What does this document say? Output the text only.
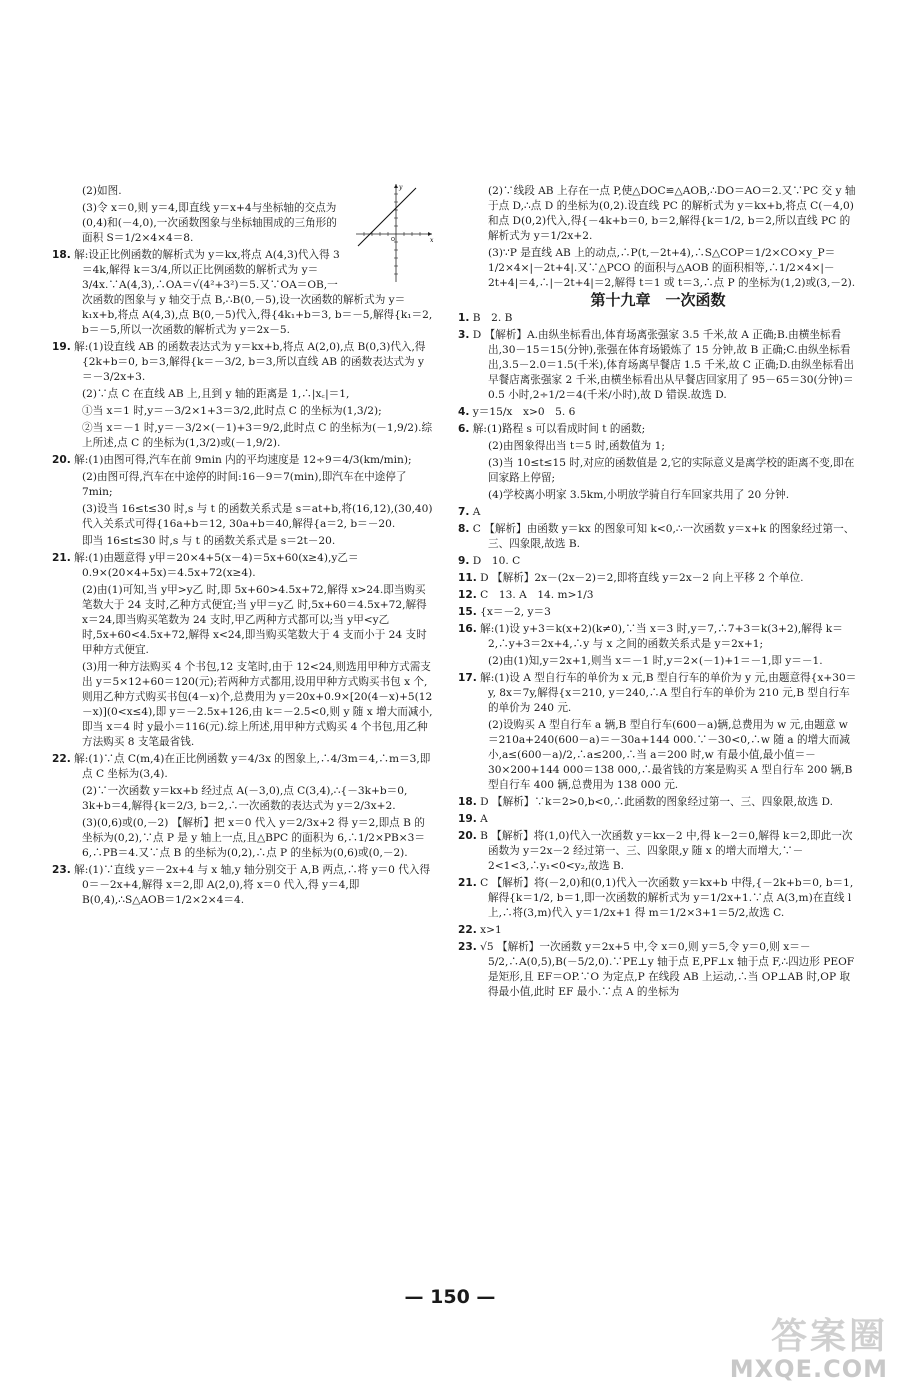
x
y
O
(2)如图.
(3)令 x＝0,则 y＝4,即直线 y＝x+4与坐标轴的交点为(0,4)和(－4,0),一次函数图象与坐标轴围成的三角形的面积 S＝1/2×4×4＝8.
18. 解:设正比例函数的解析式为 y＝kx,将点 A(4,3)代入得 3＝4k,解得 k＝3/4,所以正比例函数的解析式为 y＝3/4x.∵A(4,3),∴OA＝√(4²+3²)＝5.又∵OA＝OB,一次函数的图象与 y 轴交于点 B,∴B(0,－5),设一次函数的解析式为 y＝k₁x+b,将点 A(4,3),点 B(0,－5)代入,得{4k₁+b＝3, b＝－5,解得{k₁＝2, b＝－5,所以一次函数的解析式为 y＝2x－5.
19. 解:(1)设直线 AB 的函数表达式为 y＝kx+b,将点 A(2,0),点 B(0,3)代入,得{2k+b＝0, b＝3,解得{k＝－3/2, b＝3,所以直线 AB 的函数表达式为 y＝－3/2x+3.
(2)∵点 C 在直线 AB 上,且到 y 轴的距离是 1,∴|x꜀|＝1,
①当 x＝1 时,y＝－3/2×1+3＝3/2,此时点 C 的坐标为(1,3/2);
②当 x＝－1 时,y＝－3/2×(－1)+3＝9/2,此时点 C 的坐标为(－1,9/2).综上所述,点 C 的坐标为(1,3/2)或(－1,9/2).
20. 解:(1)由图可得,汽车在前 9min 内的平均速度是 12÷9＝4/3(km/min);
(2)由图可得,汽车在中途停的时间:16－9＝7(min),即汽车在中途停了 7min;
(3)设当 16≤t≤30 时,s 与 t 的函数关系式是 s＝at+b,将(16,12),(30,40)代入关系式可得{16a+b＝12, 30a+b＝40,解得{a＝2, b＝－20.
即当 16≤t≤30 时,s 与 t 的函数关系式是 s＝2t－20.
21. 解:(1)由题意得 y甲＝20×4+5(x－4)＝5x+60(x≥4),y乙＝0.9×(20×4+5x)＝4.5x+72(x≥4).
(2)由(1)可知,当 y甲>y乙 时,即 5x+60>4.5x+72,解得 x>24.即当购买笔数大于 24 支时,乙种方式便宜;当 y甲＝y乙 时,5x+60＝4.5x+72,解得 x＝24,即当购买笔数为 24 支时,甲乙两种方式都可以;当 y甲<y乙 时,5x+60<4.5x+72,解得 x<24,即当购买笔数大于 4 支而小于 24 支时甲种方式便宜.
(3)用一种方法购买 4 个书包,12 支笔时,由于 12<24,则选用甲种方式需支出 y＝5×12+60＝120(元);若两种方式都用,设用甲种方式购买书包 x 个,则用乙种方式购买书包(4－x)个,总费用为 y＝20x+0.9×[20(4－x)+5(12－x)](0<x≤4),即 y＝－2.5x+126,由 k＝－2.5<0,则 y 随 x 增大而减小,即当 x＝4 时 y最小＝116(元).综上所述,用甲种方式购买 4 个书包,用乙种方法购买 8 支笔最省钱.
22. 解:(1)∵点 C(m,4)在正比例函数 y＝4/3x 的图象上,∴4/3m＝4,∴m＝3,即点 C 坐标为(3,4).
(2)∵一次函数 y＝kx+b 经过点 A(－3,0),点 C(3,4),∴{－3k+b＝0, 3k+b＝4,解得{k＝2/3, b＝2,∴一次函数的表达式为 y＝2/3x+2.
(3)(0,6)或(0,－2) 【解析】把 x＝0 代入 y＝2/3x+2 得 y＝2,即点 B 的坐标为(0,2),∵点 P 是 y 轴上一点,且△BPC 的面积为 6,∴1/2×PB×3＝6,∴PB＝4.又∵点 B 的坐标为(0,2),∴点 P 的坐标为(0,6)或(0,－2).
23. 解:(1)∵直线 y＝－2x+4 与 x 轴,y 轴分别交于 A,B 两点,∴将 y＝0 代入得 0＝－2x+4,解得 x＝2,即 A(2,0),将 x＝0 代入,得 y＝4,即 B(0,4),∴S△AOB＝1/2×2×4＝4.
(2)∵线段 AB 上存在一点 P,使△DOC≌△AOB,∴DO＝AO＝2.又∵PC 交 y 轴于点 D,∴点 D 的坐标为(0,2).设直线 PC 的解析式为 y＝kx+b,将点 C(－4,0)和点 D(0,2)代入,得{－4k+b＝0, b＝2,解得{k＝1/2, b＝2,所以直线 PC 的解析式为 y＝1/2x+2.
(3)∵P 是直线 AB 上的动点,∴P(t,－2t+4),∴S△COP＝1/2×CO×y_P＝1/2×4×|－2t+4|.又∵△PCO 的面积与△AOB 的面积相等,∴1/2×4×|－2t+4|＝4,∴|－2t+4|＝2,解得 t＝1 或 t＝3,∴点 P 的坐标为(1,2)或(3,－2).
第十九章　一次函数
1. B　2. B
3. D 【解析】A.由纵坐标看出,体育场离张强家 3.5 千米,故 A 正确;B.由横坐标看出,30－15＝15(分钟),张强在体育场锻炼了 15 分钟,故 B 正确;C.由纵坐标看出,3.5－2.0＝1.5(千米),体育场离早餐店 1.5 千米,故 C 正确;D.由纵坐标看出早餐店离张强家 2 千米,由横坐标看出从早餐店回家用了 95－65＝30(分钟)＝0.5 小时,2÷1/2＝4(千米/小时),故 D 错误.故选 D.
4. y＝15/x　x>0　5. 6
6. 解:(1)路程 s 可以看成时间 t 的函数;
(2)由图象得出当 t＝5 时,函数值为 1;
(3)当 10≤t≤15 时,对应的函数值是 2,它的实际意义是离学校的距离不变,即在回家路上停留;
(4)学校离小明家 3.5km,小明放学骑自行车回家共用了 20 分钟.
7. A
8. C 【解析】由函数 y＝kx 的图象可知 k<0,∴一次函数 y＝x+k 的图象经过第一、三、四象限,故选 B.
9. D　10. C
11. D 【解析】2x－(2x－2)＝2,即将直线 y＝2x－2 向上平移 2 个单位.
12. C　13. A　14. m>1/3
15. {x＝－2, y＝3
16. 解:(1)设 y+3＝k(x+2)(k≠0),∵当 x＝3 时,y＝7,∴7+3＝k(3+2),解得 k＝2,∴y+3＝2x+4,∴y 与 x 之间的函数关系式是 y＝2x+1;
(2)由(1)知,y＝2x+1,则当 x＝－1 时,y＝2×(－1)+1＝－1,即 y＝－1.
17. 解:(1)设 A 型自行车的单价为 x 元,B 型自行车的单价为 y 元,由题意得{x+30＝y, 8x＝7y,解得{x＝210, y＝240,∴A 型自行车的单价为 210 元,B 型自行车的单价为 240 元.
(2)设购买 A 型自行车 a 辆,B 型自行车(600－a)辆,总费用为 w 元,由题意 w＝210a+240(600－a)＝－30a+144 000.∵－30<0,∴w 随 a 的增大而减小,a≤(600－a)/2,∴a≤200,∴当 a＝200 时,w 有最小值,最小值＝－30×200+144 000＝138 000,∴最省钱的方案是购买 A 型自行车 200 辆,B 型自行车 400 辆,总费用为 138 000 元.
18. D 【解析】∵k＝2>0,b<0,∴此函数的图象经过第一、三、四象限,故选 D.
19. A
20. B 【解析】将(1,0)代入一次函数 y＝kx－2 中,得 k－2＝0,解得 k＝2,即此一次函数为 y＝2x－2 经过第一、三、四象限,y 随 x 的增大而增大,∵－2<1<3,∴y₁<0<y₂,故选 B.
21. C 【解析】将(－2,0)和(0,1)代入一次函数 y＝kx+b 中得,{－2k+b＝0, b＝1,解得{k＝1/2, b＝1,即一次函数的解析式为 y＝1/2x+1.∵点 A(3,m)在直线 l 上,∴将(3,m)代入 y＝1/2x+1 得 m＝1/2×3+1＝5/2,故选 C.
22. x>1
23. √5 【解析】一次函数 y＝2x+5 中,令 x＝0,则 y＝5,令 y＝0,则 x＝－5/2,∴A(0,5),B(－5/2,0).∵PE⊥y 轴于点 E,PF⊥x 轴于点 F,∴四边形 PEOF 是矩形,且 EF＝OP.∵O 为定点,P 在线段 AB 上运动,∴当 OP⊥AB 时,OP 取得最小值,此时 EF 最小.∵点 A 的坐标为
— 150 —
答案圈
MXQE.COM
